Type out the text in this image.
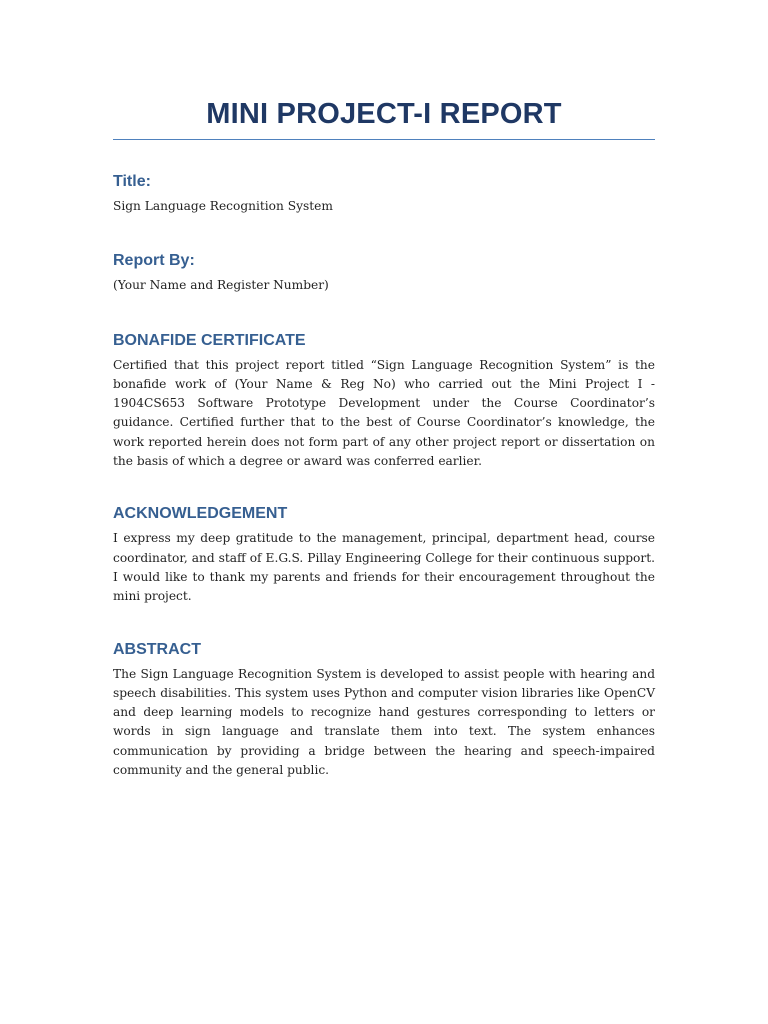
MINI PROJECT-I REPORT
Title:

Sign Language Recognition System

Report By:

(Your Name and Register Number)

BONAFIDE CERTIFICATE

Certified that this project report titled “Sign Language Recognition System” is the bonafide work of (Your Name & Reg No) who carried out the Mini Project I - 1904CS653 Software Prototype Development under the Course Coordinator’s guidance. Certified further that to the best of Course Coordinator’s knowledge, the work reported herein does not form part of any other project report or dissertation on the basis of which a degree or award was conferred earlier.

ACKNOWLEDGEMENT

I express my deep gratitude to the management, principal, department head, course coordinator, and staff of E.G.S. Pillay Engineering College for their continuous support. I would like to thank my parents and friends for their encouragement throughout the mini project.

ABSTRACT

The Sign Language Recognition System is developed to assist people with hearing and speech disabilities. This system uses Python and computer vision libraries like OpenCV and deep learning models to recognize hand gestures corresponding to letters or words in sign language and translate them into text. The system enhances communication by providing a bridge between the hearing and speech-impaired community and the general public.
